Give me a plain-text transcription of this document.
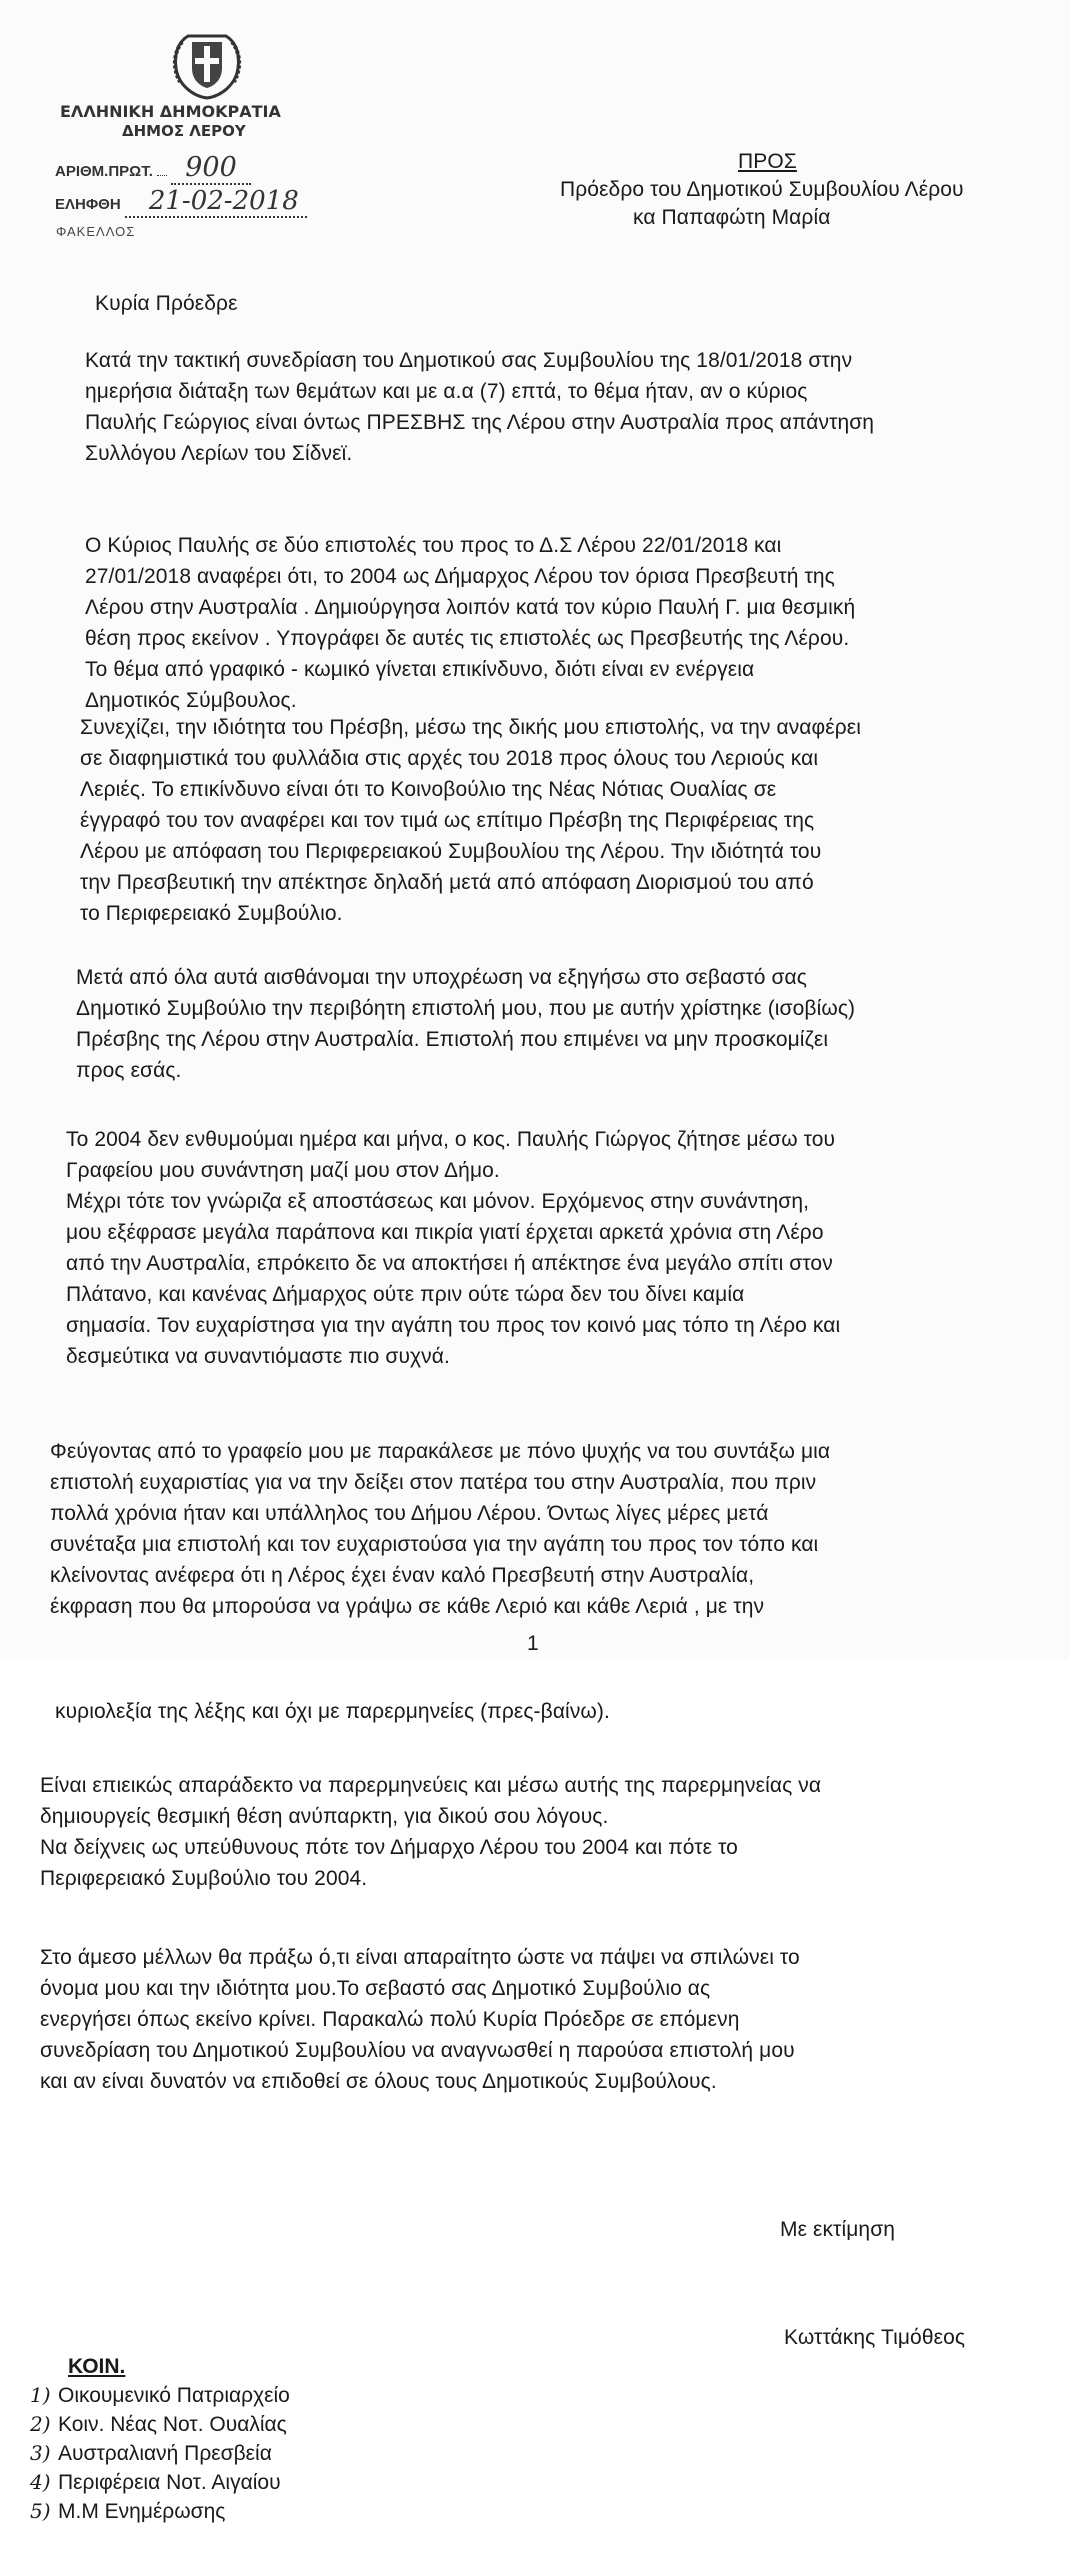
ΕΛΛΗΝΙΚΗ ΔΗΜΟΚΡΑΤΙΑ
ΔΗΜΟΣ ΛΕΡΟΥ
ΑΡΙΘΜ.ΠΡΩΤ. 900
ΕΛΗΦΘΗ 21-02-2018
ΦΑΚΕΛΛΟΣ
ΠΡΟΣ
Πρόεδρο του Δημοτικού Συμβουλίου Λέρου
κα Παπαφώτη Μαρία
Κυρία Πρόεδρε
Κατά την τακτική συνεδρίαση του Δημοτικού σας Συμβουλίου της 18/01/2018 στην
ημερήσια διάταξη των θεμάτων και με α.α (7) επτά, το θέμα ήταν, αν ο κύριος
Παυλής Γεώργιος είναι όντως ΠΡΕΣΒΗΣ της Λέρου στην Αυστραλία προς απάντηση
Συλλόγου Λερίων του Σίδνεϊ.
Ο Κύριος Παυλής σε δύο επιστολές του προς το Δ.Σ Λέρου 22/01/2018 και
27/01/2018 αναφέρει ότι, το 2004 ως Δήμαρχος Λέρου τον όρισα Πρεσβευτή της
Λέρου στην Αυστραλία . Δημιούργησα λοιπόν κατά τον κύριο Παυλή Γ. μια θεσμική
θέση προς εκείνον . Υπογράφει δε αυτές τις επιστολές ως Πρεσβευτής της Λέρου.
Το θέμα από γραφικό - κωμικό γίνεται επικίνδυνο, διότι είναι εν ενέργεια
Δημοτικός Σύμβουλος.
Συνεχίζει, την ιδιότητα του Πρέσβη, μέσω της δικής μου επιστολής, να την αναφέρει
σε διαφημιστικά του φυλλάδια στις αρχές του 2018 προς όλους του Λεριούς και
Λεριές. Το επικίνδυνο είναι ότι το Κοινοβούλιο της Νέας Νότιας Ουαλίας σε
έγγραφό του τον αναφέρει και τον τιμά ως επίτιμο Πρέσβη της Περιφέρειας της
Λέρου με απόφαση του Περιφερειακού Συμβουλίου της Λέρου. Την ιδιότητά του
την Πρεσβευτική την απέκτησε δηλαδή μετά από απόφαση Διορισμού του από
το Περιφερειακό Συμβούλιο.
Μετά από όλα αυτά αισθάνομαι την υποχρέωση να εξηγήσω στο σεβαστό σας
Δημοτικό Συμβούλιο την περιβόητη επιστολή μου, που με αυτήν χρίστηκε (ισοβίως)
Πρέσβης της Λέρου στην Αυστραλία. Επιστολή που επιμένει να μην προσκομίζει
προς εσάς.
Το 2004 δεν ενθυμούμαι ημέρα και μήνα, ο κος. Παυλής Γιώργος ζήτησε μέσω του
Γραφείου μου συνάντηση μαζί μου στον Δήμο.
Μέχρι τότε τον γνώριζα εξ αποστάσεως και μόνον. Ερχόμενος στην συνάντηση,
μου εξέφρασε μεγάλα παράπονα και πικρία γιατί έρχεται αρκετά χρόνια στη Λέρο
από την Αυστραλία, επρόκειτο δε να αποκτήσει ή απέκτησε ένα μεγάλο σπίτι στον
Πλάτανο, και κανένας Δήμαρχος ούτε πριν ούτε τώρα δεν του δίνει καμία
σημασία. Τον ευχαρίστησα για την αγάπη του προς τον κοινό μας τόπο τη Λέρο και
δεσμεύτικα να συναντιόμαστε πιο συχνά.
Φεύγοντας από το γραφείο μου με παρακάλεσε με πόνο ψυχής να του συντάξω μια
επιστολή ευχαριστίας για να την δείξει στον πατέρα του στην Αυστραλία, που πριν
πολλά χρόνια ήταν και υπάλληλος του Δήμου Λέρου. Όντως λίγες μέρες μετά
συνέταξα μια επιστολή και τον ευχαριστούσα για την αγάπη του προς τον τόπο και
κλείνοντας ανέφερα ότι η Λέρος έχει έναν καλό Πρεσβευτή στην Αυστραλία,
έκφραση που θα μπορούσα να γράψω σε κάθε Λεριό και κάθε Λεριά , με την
1
κυριολεξία της λέξης και όχι με παρερμηνείες (πρες-βαίνω).
Είναι επιεικώς απαράδεκτο να παρερμηνεύεις και μέσω αυτής της παρερμηνείας να
δημιουργείς θεσμική θέση ανύπαρκτη, για δικού σου λόγους.
Να δείχνεις ως υπεύθυνους πότε τον Δήμαρχο Λέρου του 2004 και πότε το
Περιφερειακό Συμβούλιο του 2004.
Στο άμεσο μέλλων θα πράξω ό,τι είναι απαραίτητο ώστε να πάψει να σπιλώνει το
όνομα μου και την ιδιότητα μου.Το σεβαστό σας Δημοτικό Συμβούλιο ας
ενεργήσει όπως εκείνο κρίνει. Παρακαλώ πολύ Κυρία Πρόεδρε σε επόμενη
συνεδρίαση του Δημοτικού Συμβουλίου να αναγνωσθεί η παρούσα επιστολή μου
και αν είναι δυνατόν να επιδοθεί σε όλους τους Δημοτικούς Συμβούλους.
Με εκτίμηση
Κωττάκης Τιμόθεος
ΚΟΙΝ.
1) Οικουμενικό Πατριαρχείο
2) Κοιν. Νέας Νοτ. Ουαλίας
3) Αυστραλιανή Πρεσβεία
4) Περιφέρεια Νοτ. Αιγαίου
5) Μ.Μ Ενημέρωσης
